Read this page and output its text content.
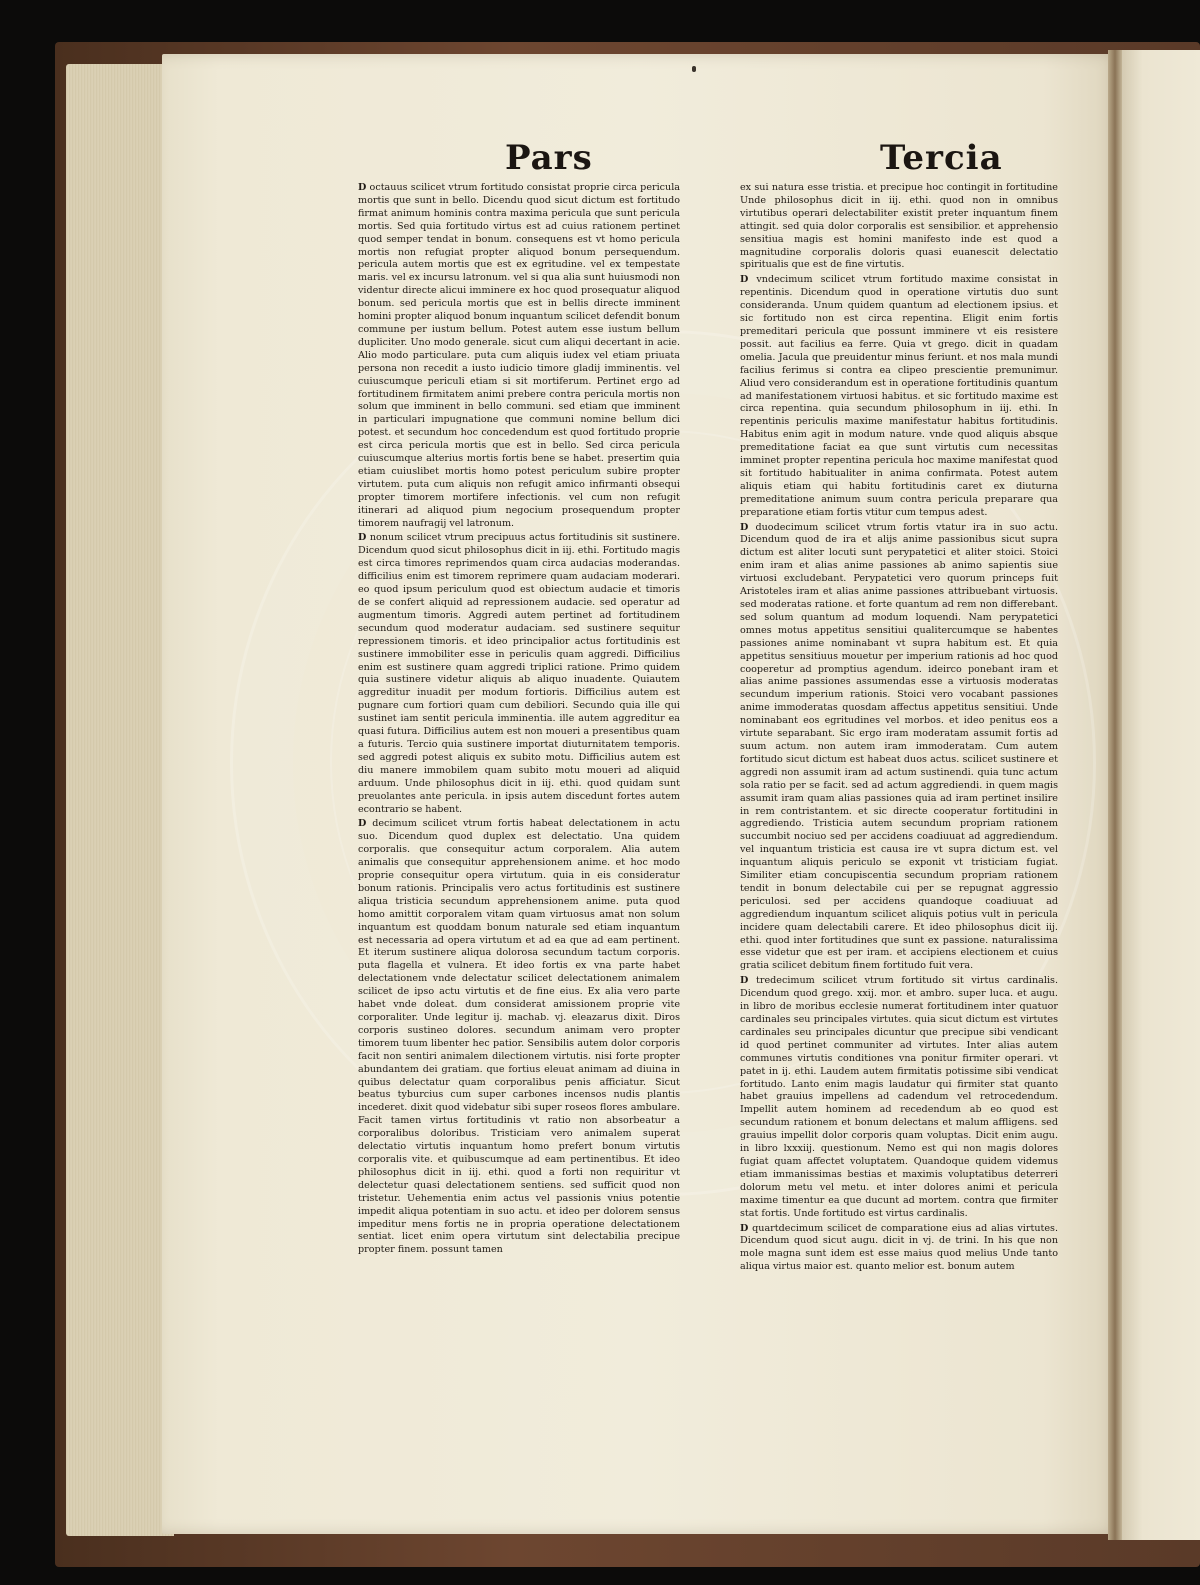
Pars	Tercia

D octauus scilicet vtrum fortitudo consistat proprie circa pericula mortis que sunt in bello. Dicendu quod sicut dictum est fortitudo firmat animum hominis contra maxima pericula que sunt pericula mortis. Sed quia fortitudo virtus est ad cuius rationem pertinet quod semper tendat in bonum. consequens est vt homo pericula mortis non refugiat propter aliquod bonum persequendum. pericula autem mortis que est ex egritudine. vel ex tempestate maris. vel ex incursu latronum. vel si qua alia sunt huiusmodi non videntur directe alicui imminere ex hoc quod prosequatur aliquod bonum. sed pericula mortis que est in bellis directe imminent homini propter aliquod bonum inquantum scilicet defendit bonum commune per iustum bellum. Potest autem esse iustum bellum dupliciter. Uno modo generale. sicut cum aliqui decertant in acie. Alio modo particulare. puta cum aliquis iudex vel etiam priuata persona non recedit a iusto iudicio timore gladij imminentis. vel cuiuscumque periculi etiam si sit mortiferum. Pertinet ergo ad fortitudinem firmitatem animi prebere contra pericula mortis non solum que imminent in bello communi. sed etiam que imminent in particulari impugnatione que communi nomine bellum dici potest. et secundum hoc concedendum est quod fortitudo proprie est circa pericula mortis que est in bello. Sed circa pericula cuiuscumque alterius mortis fortis bene se habet. presertim quia etiam cuiuslibet mortis homo potest periculum subire propter virtutem. puta cum aliquis non refugit amico infirmanti obsequi propter timorem mortifere infectionis. vel cum non refugit itinerari ad aliquod pium negocium prosequendum propter timorem naufragij vel latronum.

D nonum scilicet vtrum precipuus actus fortitudinis sit sustinere. Dicendum quod sicut philosophus dicit in iij. ethi. Fortitudo magis est circa timores reprimendos quam circa audacias moderandas. difficilius enim est timorem reprimere quam audaciam moderari. eo quod ipsum periculum quod est obiectum audacie et timoris de se confert aliquid ad repressionem audacie. sed operatur ad augmentum timoris. Aggredi autem pertinet ad fortitudinem secundum quod moderatur audaciam. sed sustinere sequitur repressionem timoris. et ideo principalior actus fortitudinis est sustinere immobiliter esse in periculis quam aggredi. Difficilius enim est sustinere quam aggredi triplici ratione. Primo quidem quia sustinere videtur aliquis ab aliquo inuadente. Quiautem aggreditur inuadit per modum fortioris. Difficilius autem est pugnare cum fortiori quam cum debiliori. Secundo quia ille qui sustinet iam sentit pericula imminentia. ille autem aggreditur ea quasi futura. Difficilius autem est non moueri a presentibus quam a futuris. Tercio quia sustinere importat diuturnitatem temporis. sed aggredi potest aliquis ex subito motu. Difficilius autem est diu manere immobilem quam subito motu moueri ad aliquid arduum. Unde philosophus dicit in iij. ethi. quod quidam sunt preuolantes ante pericula. in ipsis autem discedunt fortes autem econtrario se habent.

D decimum scilicet vtrum fortis habeat delectationem in actu suo. Dicendum quod duplex est delectatio. Una quidem corporalis. que consequitur actum corporalem. Alia autem animalis que consequitur apprehensionem anime. et hoc modo proprie consequitur opera virtutum. quia in eis consideratur bonum rationis. Principalis vero actus fortitudinis est sustinere aliqua tristicia secundum apprehensionem anime. puta quod homo amittit corporalem vitam quam virtuosus amat non solum inquantum est quoddam bonum naturale sed etiam inquantum est necessaria ad opera virtutum et ad ea que ad eam pertinent. Et iterum sustinere aliqua dolorosa secundum tactum corporis. puta flagella et vulnera. Et ideo fortis ex vna parte habet delectationem vnde delectatur scilicet delectationem animalem scilicet de ipso actu virtutis et de fine eius. Ex alia vero parte habet vnde doleat. dum considerat amissionem proprie vite corporaliter. Unde legitur ij. machab. vj. eleazarus dixit. Diros corporis sustineo dolores. secundum animam vero propter timorem tuum libenter hec patior. Sensibilis autem dolor corporis facit non sentiri animalem dilectionem virtutis. nisi forte propter abundantem dei gratiam. que fortius eleuat animam ad diuina in quibus delectatur quam corporalibus penis afficiatur. Sicut beatus tyburcius cum super carbones incensos nudis plantis incederet. dixit quod videbatur sibi super roseos flores ambulare. Facit tamen virtus fortitudinis vt ratio non absorbeatur a corporalibus doloribus. Tristiciam vero animalem superat delectatio virtutis inquantum homo prefert bonum virtutis corporalis vite. et quibuscumque ad eam pertinentibus. Et ideo philosophus dicit in iij. ethi. quod a forti non requiritur vt delectetur quasi delectationem sentiens. sed sufficit quod non tristetur. Uehementia enim actus vel passionis vnius potentie impedit aliqua potentiam in suo actu. et ideo per dolorem sensus impeditur mens fortis ne in propria operatione delectationem sentiat. licet enim opera virtutum sint delectabilia precipue propter finem. possunt tamen

ex sui natura esse tristia. et precipue hoc contingit in fortitudine Unde philosophus dicit in iij. ethi. quod non in omnibus virtutibus operari delectabiliter existit preter inquantum finem attingit. sed quia dolor corporalis est sensibilior. et apprehensio sensitiua magis est homini manifesto inde est quod a magnitudine corporalis doloris quasi euanescit delectatio spiritualis que est de fine virtutis.

D vndecimum scilicet vtrum fortitudo maxime consistat in repentinis. Dicendum quod in operatione virtutis duo sunt consideranda. Unum quidem quantum ad electionem ipsius. et sic fortitudo non est circa repentina. Eligit enim fortis premeditari pericula que possunt imminere vt eis resistere possit. aut facilius ea ferre. Quia vt grego. dicit in quadam omelia. Jacula que preuidentur minus feriunt. et nos mala mundi facilius ferimus si contra ea clipeo prescientie premunimur. Aliud vero considerandum est in operatione fortitudinis quantum ad manifestationem virtuosi habitus. et sic fortitudo maxime est circa repentina. quia secundum philosophum in iij. ethi. In repentinis periculis maxime manifestatur habitus fortitudinis. Habitus enim agit in modum nature. vnde quod aliquis absque premeditatione faciat ea que sunt virtutis cum necessitas imminet propter repentina pericula hoc maxime manifestat quod sit fortitudo habitualiter in anima confirmata. Potest autem aliquis etiam qui habitu fortitudinis caret ex diuturna premeditatione animum suum contra pericula preparare qua preparatione etiam fortis vtitur cum tempus adest.

D duodecimum scilicet vtrum fortis vtatur ira in suo actu. Dicendum quod de ira et alijs anime passionibus sicut supra dictum est aliter locuti sunt perypatetici et aliter stoici. Stoici enim iram et alias anime passiones ab animo sapientis siue virtuosi excludebant. Perypatetici vero quorum princeps fuit Aristoteles iram et alias anime passiones attribuebant virtuosis. sed moderatas ratione. et forte quantum ad rem non differebant. sed solum quantum ad modum loquendi. Nam perypatetici omnes motus appetitus sensitiui qualitercumque se habentes passiones anime nominabant vt supra habitum est. Et quia appetitus sensitiuus mouetur per imperium rationis ad hoc quod cooperetur ad promptius agendum. ideirco ponebant iram et alias anime passiones assumendas esse a virtuosis moderatas secundum imperium rationis. Stoici vero vocabant passiones anime immoderatas quosdam affectus appetitus sensitiui. Unde nominabant eos egritudines vel morbos. et ideo penitus eos a virtute separabant. Sic ergo iram moderatam assumit fortis ad suum actum. non autem iram immoderatam. Cum autem fortitudo sicut dictum est habeat duos actus. scilicet sustinere et aggredi non assumit iram ad actum sustinendi. quia tunc actum sola ratio per se facit. sed ad actum aggrediendi. in quem magis assumit iram quam alias passiones quia ad iram pertinet insilire in rem contristantem. et sic directe cooperatur fortitudini in aggrediendo. Tristicia autem secundum propriam rationem succumbit nociuo sed per accidens coadiuuat ad aggrediendum. vel inquantum tristicia est causa ire vt supra dictum est. vel inquantum aliquis periculo se exponit vt tristiciam fugiat. Similiter etiam concupiscentia secundum propriam rationem tendit in bonum delectabile cui per se repugnat aggressio periculosi. sed per accidens quandoque coadiuuat ad aggrediendum inquantum scilicet aliquis potius vult in pericula incidere quam delectabili carere. Et ideo philosophus dicit iij. ethi. quod inter fortitudines que sunt ex passione. naturalissima esse videtur que est per iram. et accipiens electionem et cuius gratia scilicet debitum finem fortitudo fuit vera.

D tredecimum scilicet vtrum fortitudo sit virtus cardinalis. Dicendum quod grego. xxij. mor. et ambro. super luca. et augu. in libro de moribus ecclesie numerat fortitudinem inter quatuor cardinales seu principales virtutes. quia sicut dictum est virtutes cardinales seu principales dicuntur que precipue sibi vendicant id quod pertinet communiter ad virtutes. Inter alias autem communes virtutis conditiones vna ponitur firmiter operari. vt patet in ij. ethi. Laudem autem firmitatis potissime sibi vendicat fortitudo. Lanto enim magis laudatur qui firmiter stat quanto habet grauius impellens ad cadendum vel retrocedendum. Impellit autem hominem ad recedendum ab eo quod est secundum rationem et bonum delectans et malum affligens. sed grauius impellit dolor corporis quam voluptas. Dicit enim augu. in libro lxxxiij. questionum. Nemo est qui non magis dolores fugiat quam affectet voluptatem. Quandoque quidem videmus etiam immanissimas bestias et maximis voluptatibus deterreri dolorum metu vel metu. et inter dolores animi et pericula maxime timentur ea que ducunt ad mortem. contra que firmiter stat fortis. Unde fortitudo est virtus cardinalis.

D quartdecimum scilicet de comparatione eius ad alias virtutes. Dicendum quod sicut augu. dicit in vj. de trini. In his que non mole magna sunt idem est esse maius quod melius Unde tanto aliqua virtus maior est. quanto melior est. bonum autem
